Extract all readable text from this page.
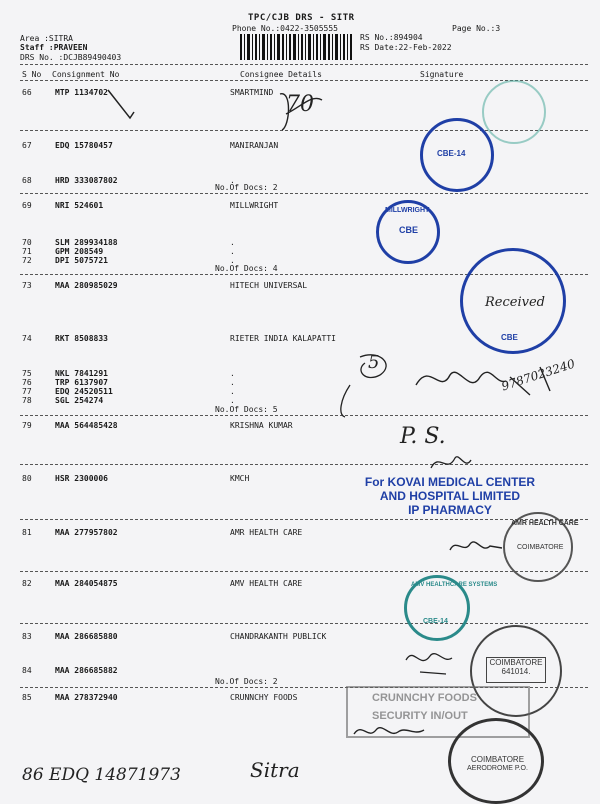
TPC/CJB DRS - SITR
Phone No.:0422-3505555	Page No.:3
Area :SITRA
Staff :PRAVEEN
DRS No. :DCJB89490403
RS No.:894904
RS Date:22-Feb-2022
S No Consignment No	Consignee Details	Signature
66	MTP 1134702	SMARTMIND
67	EDQ 15780457	MANIRANJAN
68	HRD 333087802	.
No.Of Docs: 2
69	NRI 524601	MILLWRIGHT
70	SLM 289934188	.
71	GPM 208549	.
72	DPI 5075721	.
No.Of Docs: 4
73	MAA 280985029	HITECH UNIVERSAL
74	RKT 8508833	RIETER INDIA KALAPATTI
75	NKL 7841291	.
76	TRP 6137907	.
77	EDQ 24520511	.
78	SGL 254274	.
No.Of Docs: 5
79	MAA 564485428	KRISHNA KUMAR
80	HSR 2300006	KMCH
81	MAA 277957802	AMR HEALTH CARE
82	MAA 284054875	AMV HEALTH CARE
83	MAA 286685880	CHANDRAKANTH PUBLICK
84	MAA 286685882
No.Of Docs: 2
85	MAA 278372940	CRUNNCHY FOODS
70
5	9787023240
P. S.
For KOVAI MEDICAL CENTER
AND HOSPITAL LIMITED
IP PHARMACY
CBE-14
MILLWRIGHT
CBE
Received
CBE
AMR HEALTH CARE
COIMBATORE
AMV HEALTHCARE SYSTEMS
CBE-14
COIMBATORE
641014.
CRUNNCHY FOODS
SECURITY IN/OUT
COIMBATORE
AERODROME P.O.
86 EDQ 14871973	Sitra
